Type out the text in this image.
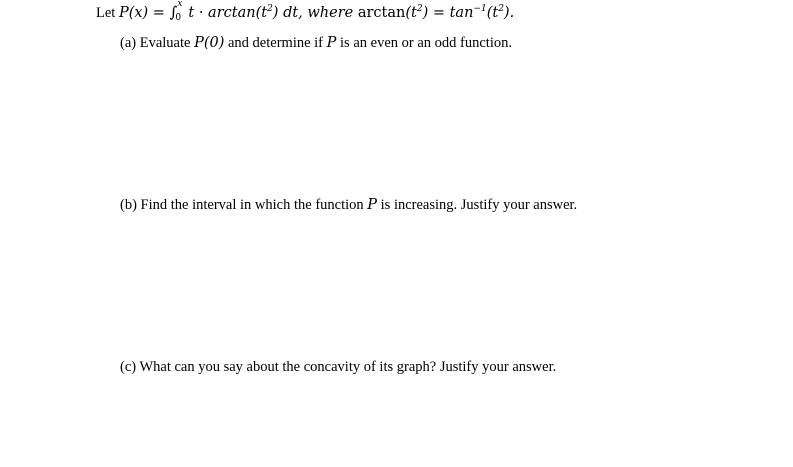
Let P(x) = ∫ x
0 $t \cdot \arctan(t^2)$ dt, where $\arctan(t^2) = \tan^{-1}(t^2)$.
(a) Evaluate P(0) and determine if P is an even or an odd function.
(b) Find the interval in which the function P is increasing. Justify your answer.
(c) What can you say about the concavity of its graph? Justify your answer.
